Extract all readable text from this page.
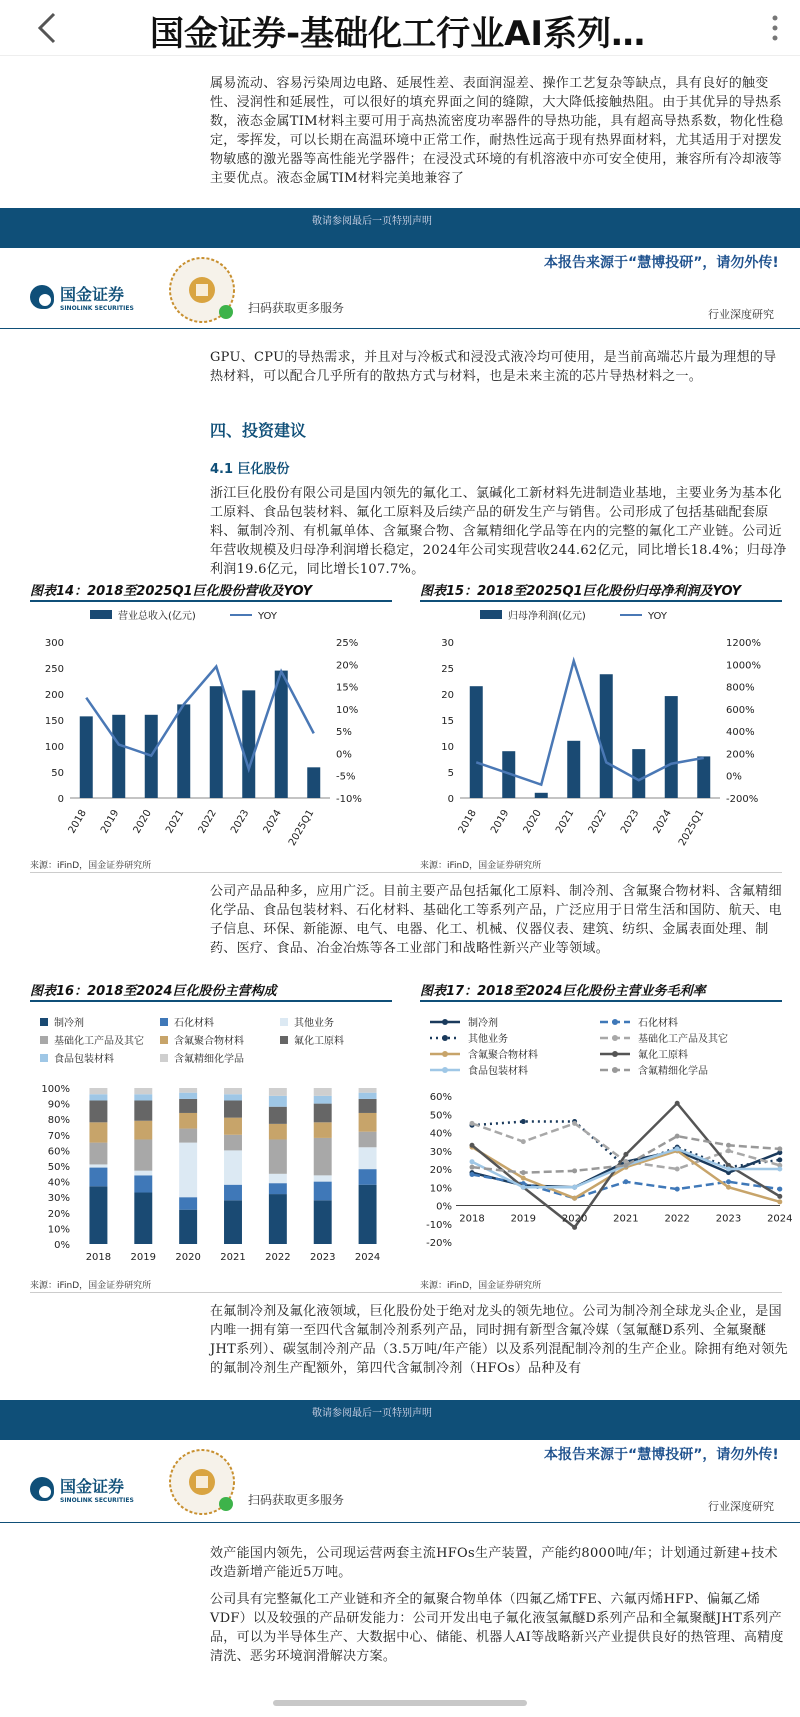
国金证券-基础化工行业AI系列…
属易流动、容易污染周边电路、延展性差、表面润湿差、操作工艺复杂等缺点，具有良好的触变性、浸润性和延展性，可以很好的填充界面之间的缝隙，大大降低接触热阻。由于其优异的导热系数，液态金属TIM材料主要可用于高热流密度功率器件的导热功能，具有超高导热系数，物化性稳定，零挥发，可以长期在高温环境中正常工作，耐热性远高于现有热界面材料，尤其适用于对摆发物敏感的激光器等高性能光学器件；在浸没式环境的有机溶液中亦可安全使用，兼容所有冷却液等主要优点。液态金属TIM材料完美地兼容了
敬请参阅最后一页特别声明
国金证券
SINOLINK SECURITIES	扫码获取更多服务
本报告来源于“慧博投研”，请勿外传!
行业深度研究
GPU、CPU的导热需求，并且对与冷板式和浸没式液冷均可使用，是当前高端芯片最为理想的导热材料，可以配合几乎所有的散热方式与材料，也是未来主流的芯片导热材料之一。
四、投资建议
4.1 巨化股份
浙江巨化股份有限公司是国内领先的氟化工、氯碱化工新材料先进制造业基地，主要业务为基本化工原料、食品包装材料、氟化工原料及后续产品的研发生产与销售。公司形成了包括基础配套原料、氟制冷剂、有机氟单体、含氟聚合物、含氟精细化学品等在内的完整的氟化工产业链。公司近年营收规模及归母净利润增长稳定，2024年公司实现营收244.62亿元，同比增长18.4%；归母净利润19.6亿元，同比增长107.7%。
图表14：2018至2025Q1巨化股份营收及YOY	图表15：2018至2025Q1巨化股份归母净利润及YOY
营业总收入(亿元)	YOY
0
50
100
150
200
250
300
-10%
-5%
0%
5%
10%
15%
20%
25%
2018 2019 2020 2021 2022 2023 2024 2025Q1
归母净利润(亿元)	YOY
0
5
10
15
20
25
30
-200%
0%
200%
400%
600%
800%
1000%
1200%
2018 2019 2020 2021 2022 2023 2024 2025Q1
来源：iFinD，国金证券研究所	来源：iFinD，国金证券研究所
公司产品品种多，应用广泛。目前主要产品包括氟化工原料、制冷剂、含氟聚合物材料、含氟精细化学品、食品包装材料、石化材料、基础化工等系列产品，广泛应用于日常生活和国防、航天、电子信息、环保、新能源、电气、电器、化工、机械、仪器仪表、建筑、纺织、金属表面处理、制药、医疗、食品、冶金冶炼等各工业部门和战略性新兴产业等领域。
图表16：2018至2024巨化股份主营构成	图表17：2018至2024巨化股份主营业务毛利率
制冷剂	石化材料	其他业务
基础化工产品及其它	含氟聚合物材料	氟化工原料
食品包装材料	含氟精细化学品
0%
10%
20%
30%
40%
50%
60%
70%
80%
90%
100%
2018 2019 2020 2021 2022 2023 2024
制冷剂	石化材料
其他业务	基础化工产品及其它
含氟聚合物材料	氟化工原料
食品包装材料	含氟精细化学品
-20%
-10%
0%
10%
20%
30%
40%
50%
60%
2018	2019	2020	2021	2022	2023	2024
来源：iFinD，国金证券研究所	来源：iFinD，国金证券研究所
在氟制冷剂及氟化液领域，巨化股份处于绝对龙头的领先地位。公司为制冷剂全球龙头企业，是国内唯一拥有第一至四代含氟制冷剂系列产品，同时拥有新型含氟冷媒（氢氟醚D系列、全氟聚醚JHT系列）、碳氢制冷剂产品（3.5万吨/年产能）以及系列混配制冷剂的生产企业。除拥有绝对领先的氟制冷剂生产配额外，第四代含氟制冷剂（HFOs）品种及有
敬请参阅最后一页特别声明
国金证券
SINOLINK SECURITIES	扫码获取更多服务
本报告来源于“慧博投研”，请勿外传!
行业深度研究
效产能国内领先，公司现运营两套主流HFOs生产装置，产能约8000吨/年；计划通过新建+技术改造新增产能近5万吨。
公司具有完整氟化工产业链和齐全的氟聚合物单体（四氟乙烯TFE、六氟丙烯HFP、偏氟乙烯VDF）以及较强的产品研发能力：公司开发出电子氟化液氢氟醚D系列产品和全氟聚醚JHT系列产品，可以为半导体生产、大数据中心、储能、机器人AI等战略新兴产业提供良好的热管理、高精度清洗、恶劣环境润滑解决方案。
